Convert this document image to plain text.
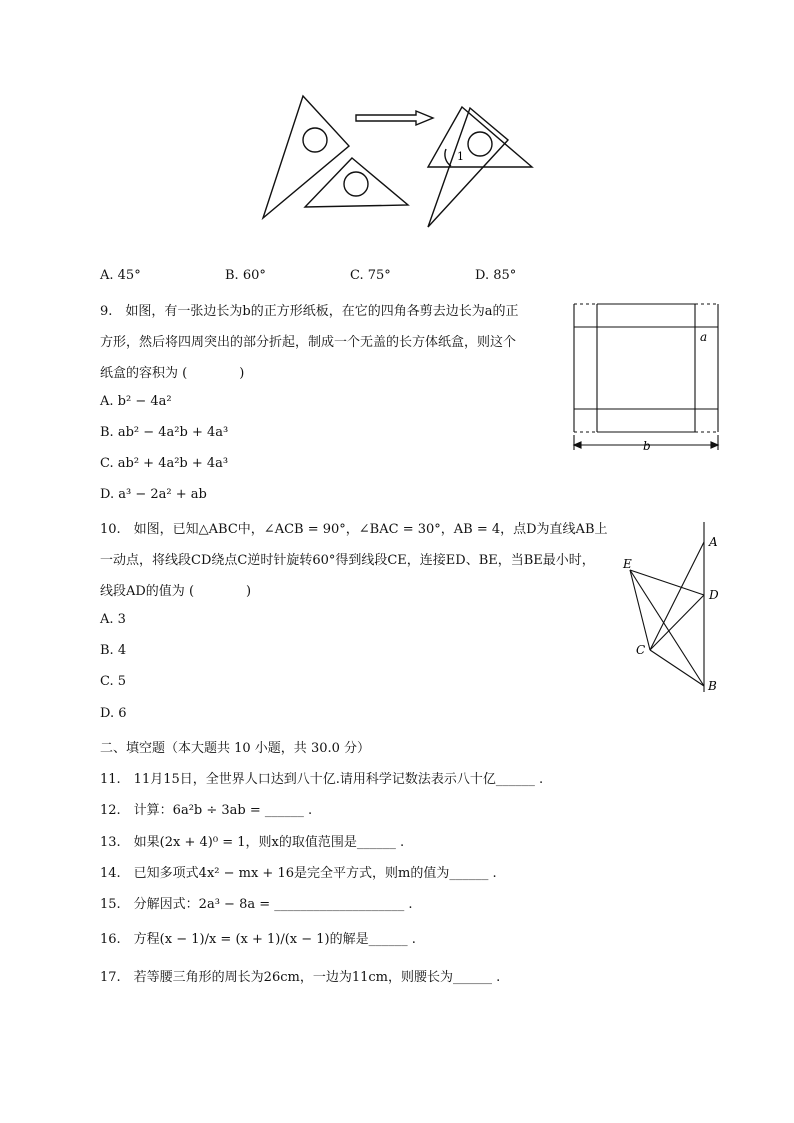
1
A. 45°	B. 60°	C. 75°	D. 85°
9.　如图，有一张边长为b的正方形纸板，在它的四角各剪去边长为a的正
方形，然后将四周突出的部分折起，制成一个无盖的长方体纸盒，则这个
纸盒的容积为 (　　　　)
A. b² − 4a²
B. ab² − 4a²b + 4a³
C. ab² + 4a²b + 4a³
D. a³ − 2a² + ab
a
b
10.　如图，已知△ABC中，∠ACB = 90°，∠BAC = 30°，AB = 4，点D为直线AB上
一动点，将线段CD绕点C逆时针旋转60°得到线段CE，连接ED、BE，当BE最小时，
线段AD的值为 (　　　　)
A. 3
B. 4
C. 5
D. 6
A
D
E
C
B
二、填空题（本大题共 10 小题，共 30.0 分）
11.　11月15日，全世界人口达到八十亿.请用科学记数法表示八十亿______ .
12.　计算：6a²b ÷ 3ab = ______ .
13.　如果(2x + 4)⁰ = 1，则x的取值范围是______ .
14.　已知多项式4x² − mx + 16是完全平方式，则m的值为______ .
15.　分解因式：2a³ − 8a = ____________________ .
16.　方程(x − 1)/x = (x + 1)/(x − 1)的解是______ .
17.　若等腰三角形的周长为26cm，一边为11cm，则腰长为______ .
